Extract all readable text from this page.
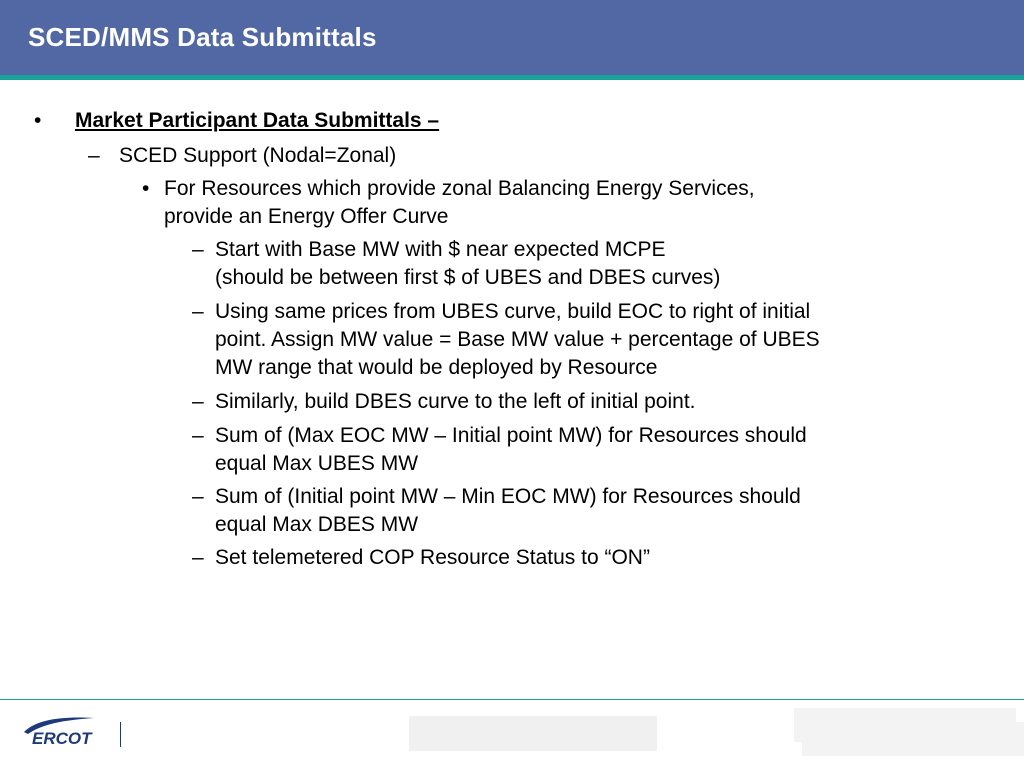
SCED/MMS Data Submittals
• Market Participant Data Submittals –
– SCED Support (Nodal=Zonal)
• For Resources which provide zonal Balancing Energy Services,
provide an Energy Offer Curve
– Start with Base MW with $ near expected MCPE
(should be between first $ of UBES and DBES curves)
– Using same prices from UBES curve, build EOC to right of initial
point. Assign MW value = Base MW value + percentage of UBES
MW range that would be deployed by Resource
– Similarly, build DBES curve to the left of initial point.
– Sum of (Max EOC MW – Initial point MW) for Resources should
equal Max UBES MW
– Sum of (Initial point MW – Min EOC MW) for Resources should
equal Max DBES MW
– Set telemetered COP Resource Status to “ON”
ERCOT
